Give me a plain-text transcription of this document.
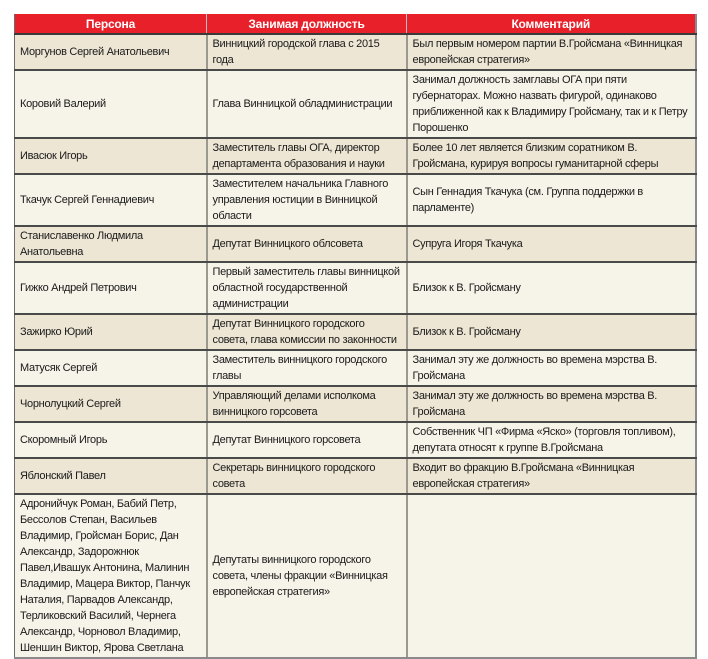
Персона	Занимая должность	Комментарий
Моргунов Сергей Анатольевич	Винницкий городской глава с 2015 года	Был первым номером партии В.Гройсмана «Винницкая европейская стратегия»
Коровий Валерий	Глава Винницкой обладминистрации	Занимал должность замглавы ОГА при пяти губернаторах. Можно назвать фигурой, одинаково приближенной как к Владимиру Гройсману, так и к Петру Порошенко
Ивасюк Игорь	Заместитель главы ОГА, директор департамента образования и науки	Более 10 лет является близким соратником В. Гройсмана, курируя вопросы гуманитарной сферы
Ткачук Сергей Геннадиевич	Заместителем начальника Главного управления юстиции в Винницкой области	Сын Геннадия Ткачука (см. Группа поддержки в парламенте)
Станиславенко Людмила Анатольевна	Депутат Винницкого облсовета	Супруга Игоря Ткачука
Гижко Андрей Петрович	Первый заместитель главы винницкой областной государственной администрации	Близок к В. Гройсману
Зажирко Юрий	Депутат Винницкого городского совета, глава комиссии по законности	Близок к В. Гройсману
Матусяк Сергей	Заместитель винницкого городского главы	Занимал эту же должность во времена мэрства В. Гройсмана
Чорнолуцкий Сергей	Управляющий делами исполкома винницкого горсовета	Занимал эту же должность во времена мэрства В. Гройсмана
Скоромный Игорь	Депутат Винницкого горсовета	Собственник ЧП «Фирма «Яско» (торговля топливом), депутата относят к группе В.Гройсмана
Яблонский Павел	Секретарь винницкого городского совета	Входит во фракцию В.Гройсмана «Винницкая европейская стратегия»
Адронийчук Роман, Бабий Петр, Бессолов Степан, Васильев Владимир, Гройсман Борис, Дан Александр, Задорожнюк Павел,Ивашук Антонина, Малинин Владимир, Мацера Виктор, Панчук Наталия, Парвадов Александр, Терликовский Василий, Чернега Александр, Чорновол Владимир, Шеншин Виктор, Ярова Светлана	Депутаты винницкого городского совета, члены фракции «Винницкая европейская стратегия»	
